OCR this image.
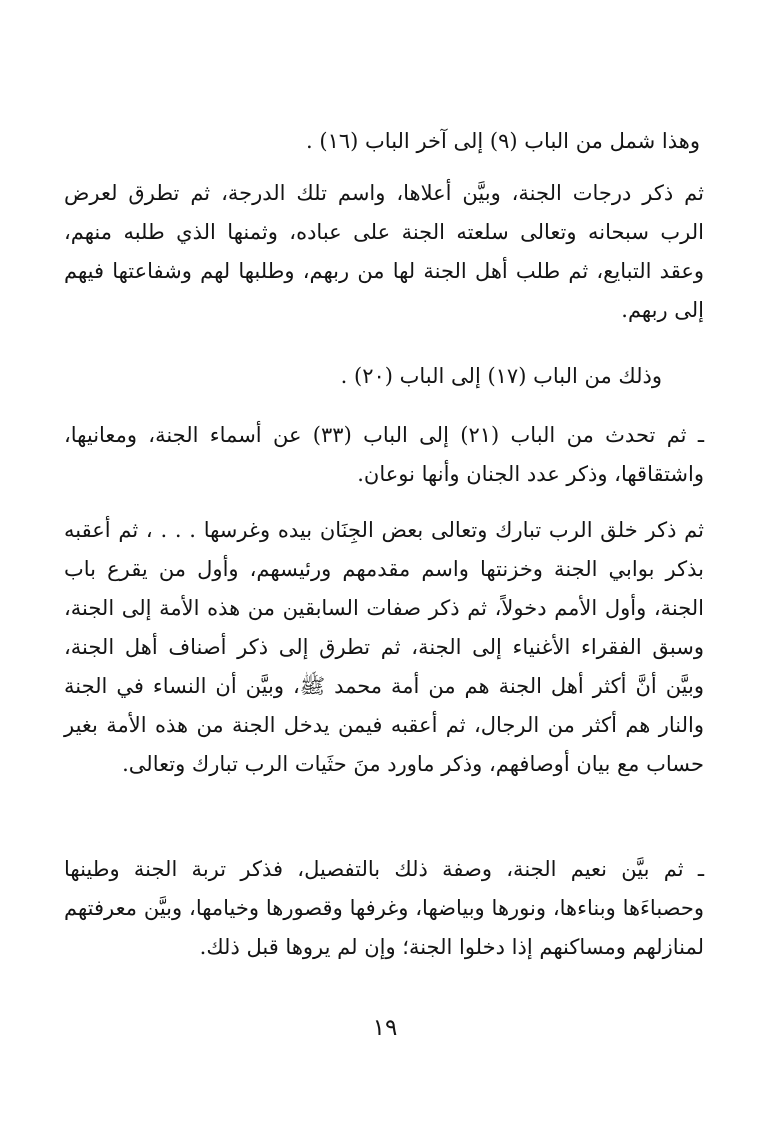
وهذا شمل من الباب (٩) إلى آخر الباب (١٦) .

ثم ذكر درجات الجنة، وبيَّن أعلاها، واسم تلك الدرجة، ثم تطرق لعرض الرب سبحانه وتعالى سلعته الجنة على عباده، وثمنها الذي طلبه منهم، وعقد التبايع، ثم طلب أهل الجنة لها من ربهم، وطلبها لهم وشفاعتها فيهم إلى ربهم.

وذلك من الباب (١٧) إلى الباب (٢٠) .

ـ ثم تحدث من الباب (٢١) إلى الباب (٣٣) عن أسماء الجنة، ومعانيها، واشتقاقها، وذكر عدد الجنان وأنها نوعان.

ثم ذكر خلق الرب تبارك وتعالى بعض الجِنَان بيده وغرسها . . . ، ثم أعقبه بذكر بوابي الجنة وخزنتها واسم مقدمهم ورئيسهم، وأول من يقرع باب الجنة، وأول الأمم دخولاً، ثم ذكر صفات السابقين من هذه الأمة إلى الجنة، وسبق الفقراء الأغنياء إلى الجنة، ثم تطرق إلى ذكر أصناف أهل الجنة، وبيَّن أنَّ أكثر أهل الجنة هم من أمة محمد ﷺ، وبيَّن أن النساء في الجنة والنار هم أكثر من الرجال، ثم أعقبه فيمن يدخل الجنة من هذه الأمة بغير حساب مع بيان أوصافهم، وذكر ماورد منَ حثَيات الرب تبارك وتعالى.

ـ ثم بيَّن نعيم الجنة، وصفة ذلك بالتفصيل، فذكر تربة الجنة وطينها وحصباءَها وبناءها، ونورها وبياضها، وغرفها وقصورها وخيامها، وبيَّن معرفتهم لمنازلهم ومساكنهم إذا دخلوا الجنة؛ وإن لم يروها قبل ذلك.

١٩
